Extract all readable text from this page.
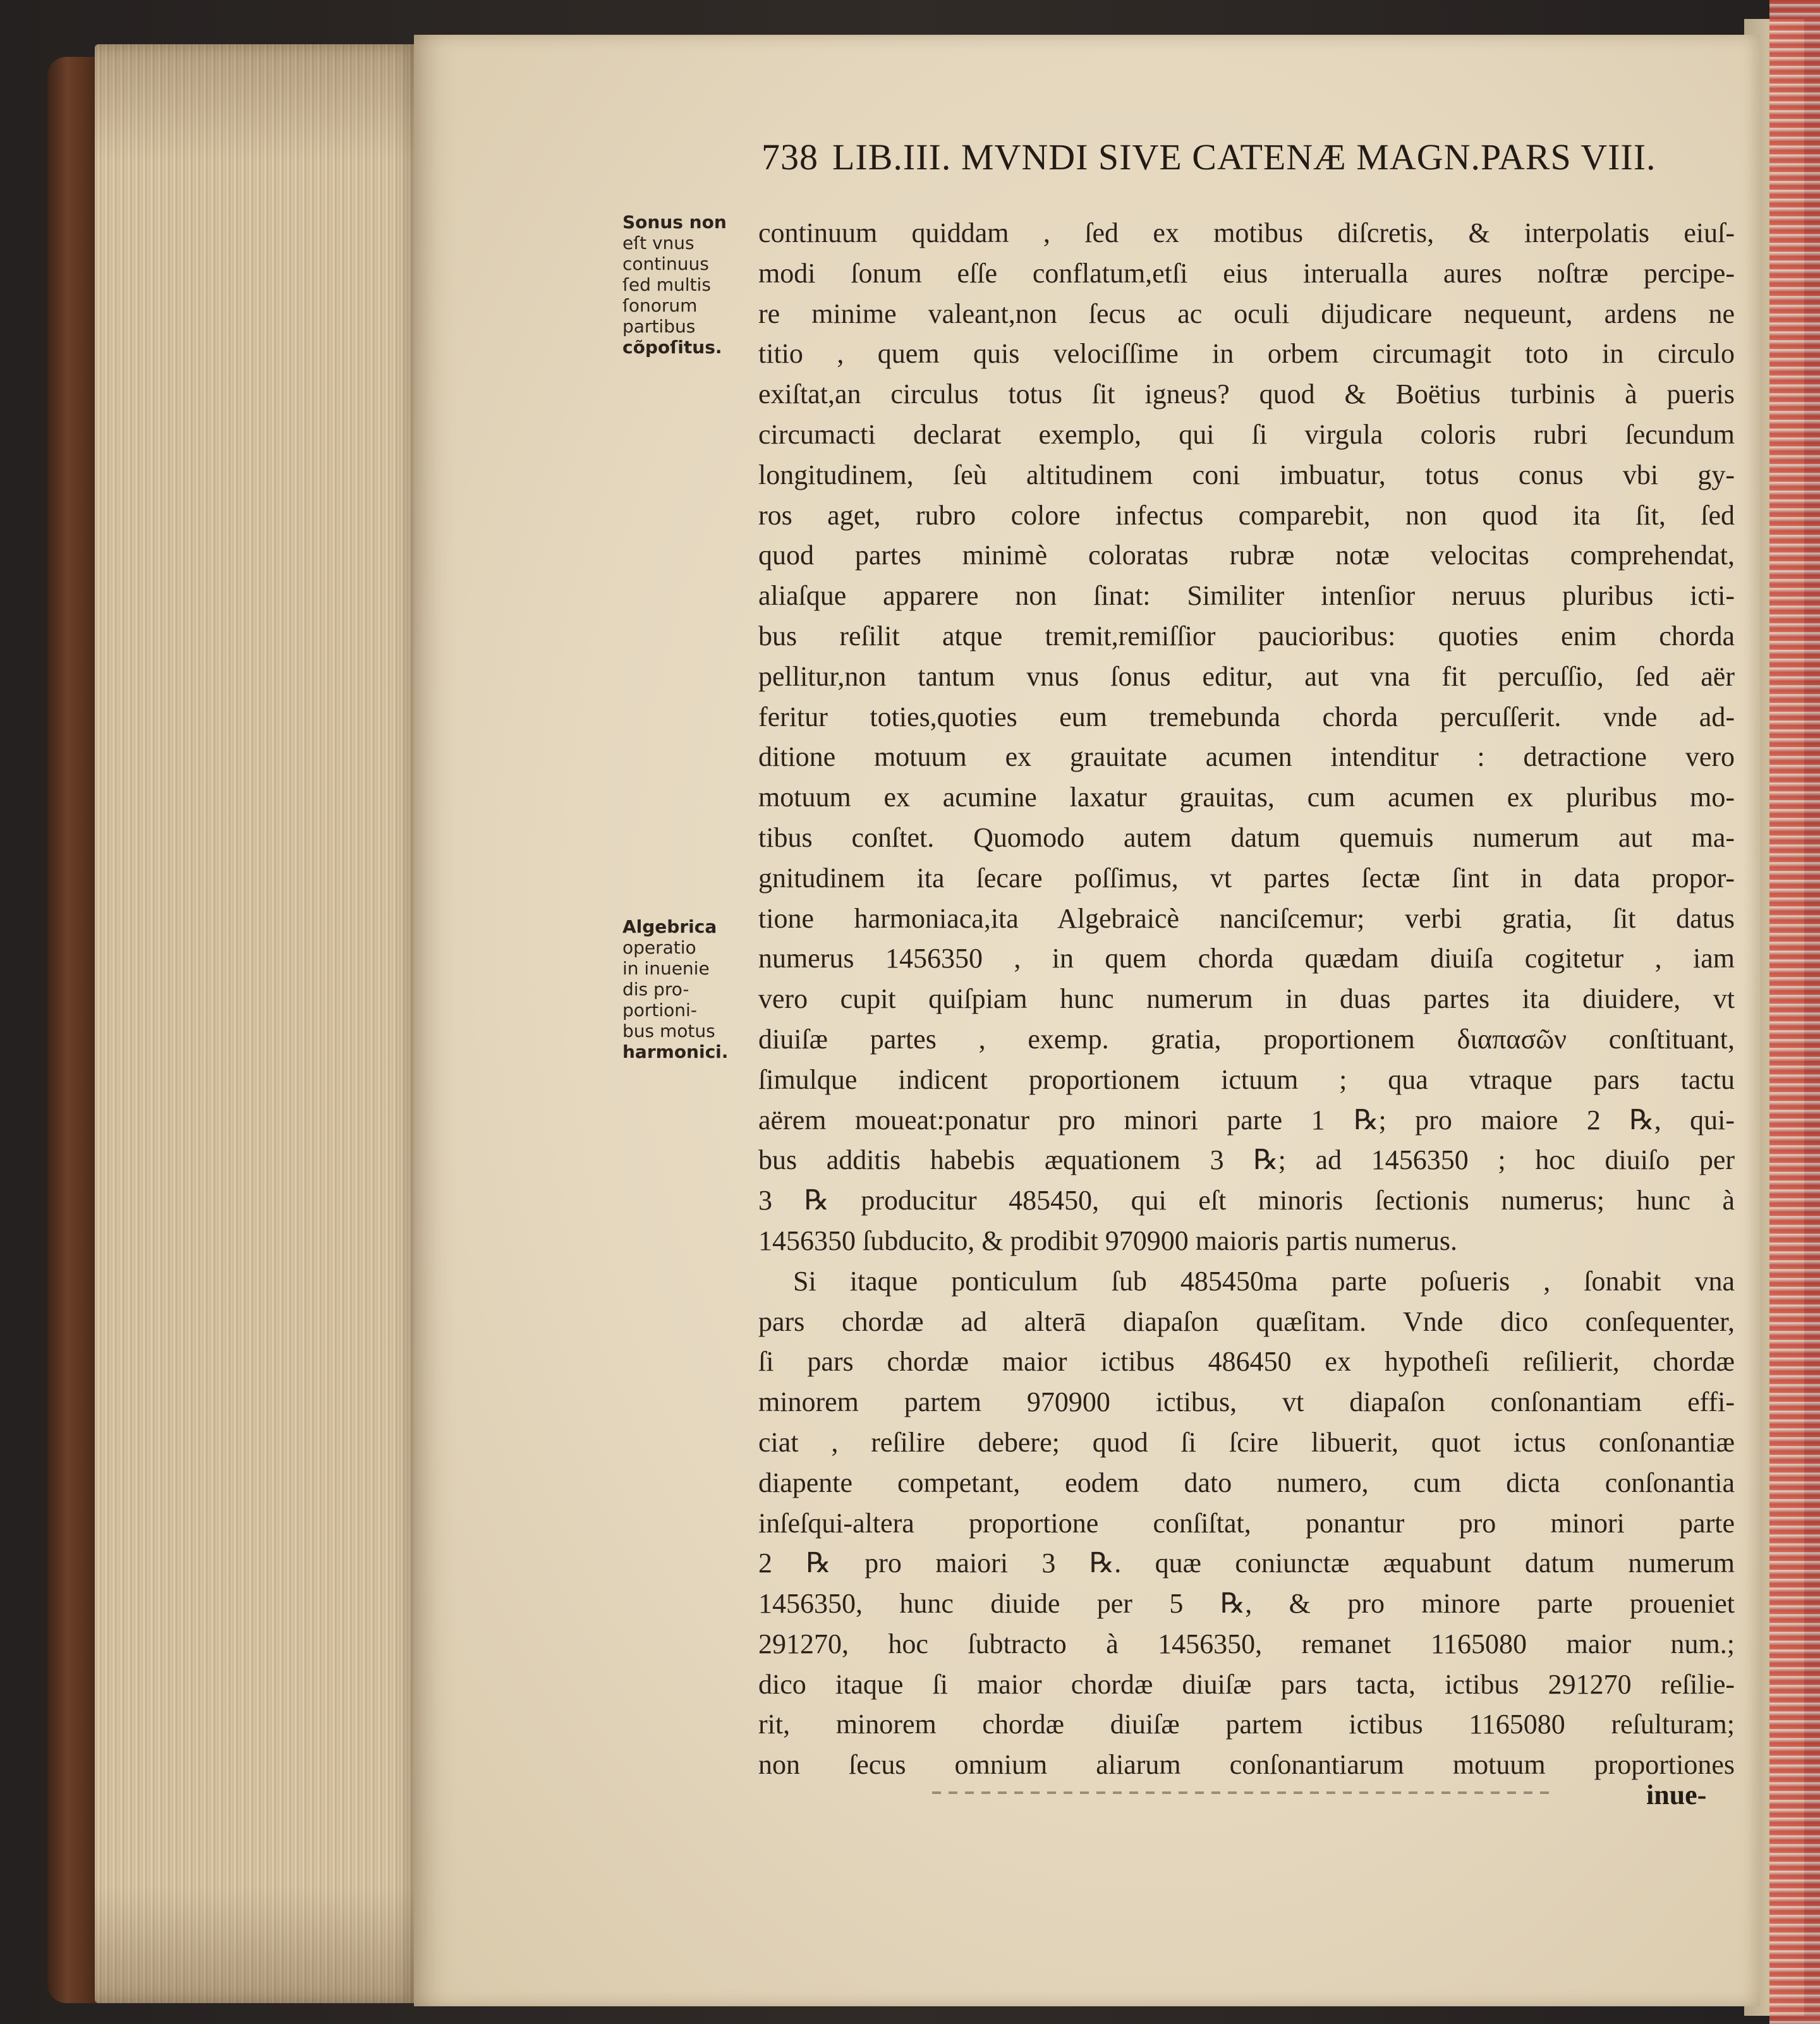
738 LIB.III. MVNDI SIVE CATENÆ MAGN.PARS VIII.
Sonus non
eſt vnus
continuus
ſed multis
ſonorum
partibus
cõpoſitus.
Algebrica
operatio
in inuenie
dis pro-
portioni-
bus motus
harmonici.
continuum quiddam , ſed ex motibus diſcretis, & interpolatis eiuſ-
modi ſonum eſſe conflatum,etſi eius interualla aures noſtræ percipe-
re minime valeant,non ſecus ac oculi dijudicare nequeunt, ardens ne
titio , quem quis velociſſime in orbem circumagit toto in circulo
exiſtat,an circulus totus ſit igneus? quod & Boëtius turbinis à pueris
circumacti declarat exemplo, qui ſi virgula coloris rubri ſecundum
longitudinem, ſeù altitudinem coni imbuatur, totus conus vbi gy-
ros aget, rubro colore infectus comparebit, non quod ita ſit, ſed
quod partes minimè coloratas rubræ notæ velocitas comprehendat,
aliaſque apparere non ſinat: Similiter intenſior neruus pluribus icti-
bus reſilit atque tremit,remiſſior paucioribus: quoties enim chorda
pellitur,non tantum vnus ſonus editur, aut vna fit percuſſio, ſed aër
feritur toties,quoties eum tremebunda chorda percuſſerit. vnde ad-
ditione motuum ex grauitate acumen intenditur : detractione vero
motuum ex acumine laxatur grauitas, cum acumen ex pluribus mo-
tibus conſtet. Quomodo autem datum quemuis numerum aut ma-
gnitudinem ita ſecare poſſimus, vt partes ſectæ ſint in data propor-
tione harmoniaca,ita Algebraicè nanciſcemur; verbi gratia, ſit datus
numerus 1456350 , in quem chorda quædam diuiſa cogitetur , iam
vero cupit quiſpiam hunc numerum in duas partes ita diuidere, vt
diuiſæ partes , exemp. gratia, proportionem διαπασῶν conſtituant,
ſimulque indicent proportionem ictuum ; qua vtraque pars tactu
aërem moueat:ponatur pro minori parte 1 ℞; pro maiore 2 ℞, qui-
bus additis habebis æquationem 3 ℞; ad 1456350 ; hoc diuiſo per
3 ℞ producitur 485450, qui eſt minoris ſectionis numerus; hunc à
1456350 ſubducito, & prodibit 970900 maioris partis numerus.
Si itaque ponticulum ſub 485450ma parte poſueris , ſonabit vna
pars chordæ ad alterā diapaſon quæſitam. Vnde dico conſequenter,
ſi pars chordæ maior ictibus 486450 ex hypotheſi reſilierit, chordæ
minorem partem 970900 ictibus, vt diapaſon conſonantiam effi-
ciat , reſilire debere; quod ſi ſcire libuerit, quot ictus conſonantiæ
diapente competant, eodem dato numero, cum dicta conſonantia
inſeſqui-altera proportione conſiſtat, ponantur pro minori parte
2 ℞ pro maiori 3 ℞. quæ coniunctæ æquabunt datum numerum
1456350, hunc diuide per 5 ℞, & pro minore parte proueniet
291270, hoc ſubtracto à 1456350, remanet 1165080 maior num.;
dico itaque ſi maior chordæ diuiſæ pars tacta, ictibus 291270 reſilie-
rit, minorem chordæ diuiſæ partem ictibus 1165080 reſulturam;
non ſecus omnium aliarum conſonantiarum motuum proportiones
inue-
